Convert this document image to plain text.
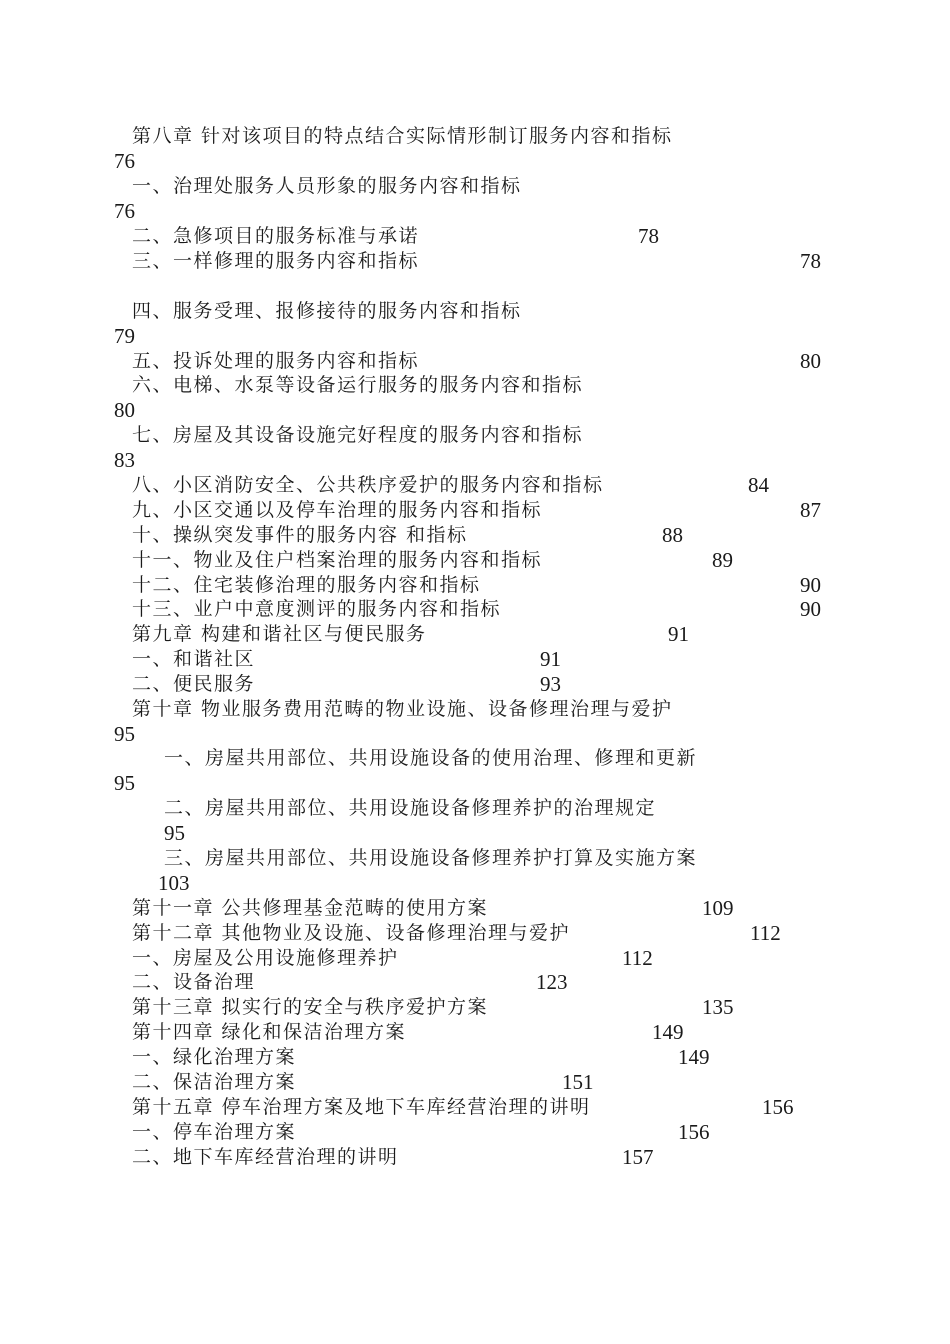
第八章 针对该项目的特点结合实际情形制订服务内容和指标
76
一、治理处服务人员形象的服务内容和指标
76
二、急修项目的服务标准与承诺	78
三、一样修理的服务内容和指标	78
四、服务受理、报修接待的服务内容和指标
79
五、投诉处理的服务内容和指标	80
六、电梯、水泵等设备运行服务的服务内容和指标
80
七、房屋及其设备设施完好程度的服务内容和指标
83
八、小区消防安全、公共秩序爱护的服务内容和指标	84
九、小区交通以及停车治理的服务内容和指标	87
十、操纵突发事件的服务内容 和指标	88
十一、物业及住户档案治理的服务内容和指标	89
十二、住宅装修治理的服务内容和指标	90
十三、业户中意度测评的服务内容和指标	90
第九章 构建和谐社区与便民服务	91
一、和谐社区	91
二、便民服务	93
第十章 物业服务费用范畴的物业设施、设备修理治理与爱护
95
一、房屋共用部位、共用设施设备的使用治理、修理和更新
95
二、房屋共用部位、共用设施设备修理养护的治理规定
95
三、房屋共用部位、共用设施设备修理养护打算及实施方案
103
第十一章 公共修理基金范畴的使用方案	109
第十二章 其他物业及设施、设备修理治理与爱护	112
一、房屋及公用设施修理养护	112
二、设备治理	123
第十三章 拟实行的安全与秩序爱护方案	135
第十四章 绿化和保洁治理方案	149
一、绿化治理方案	149
二、保洁治理方案	151
第十五章 停车治理方案及地下车库经营治理的讲明	156
一、停车治理方案	156
二、地下车库经营治理的讲明	157
